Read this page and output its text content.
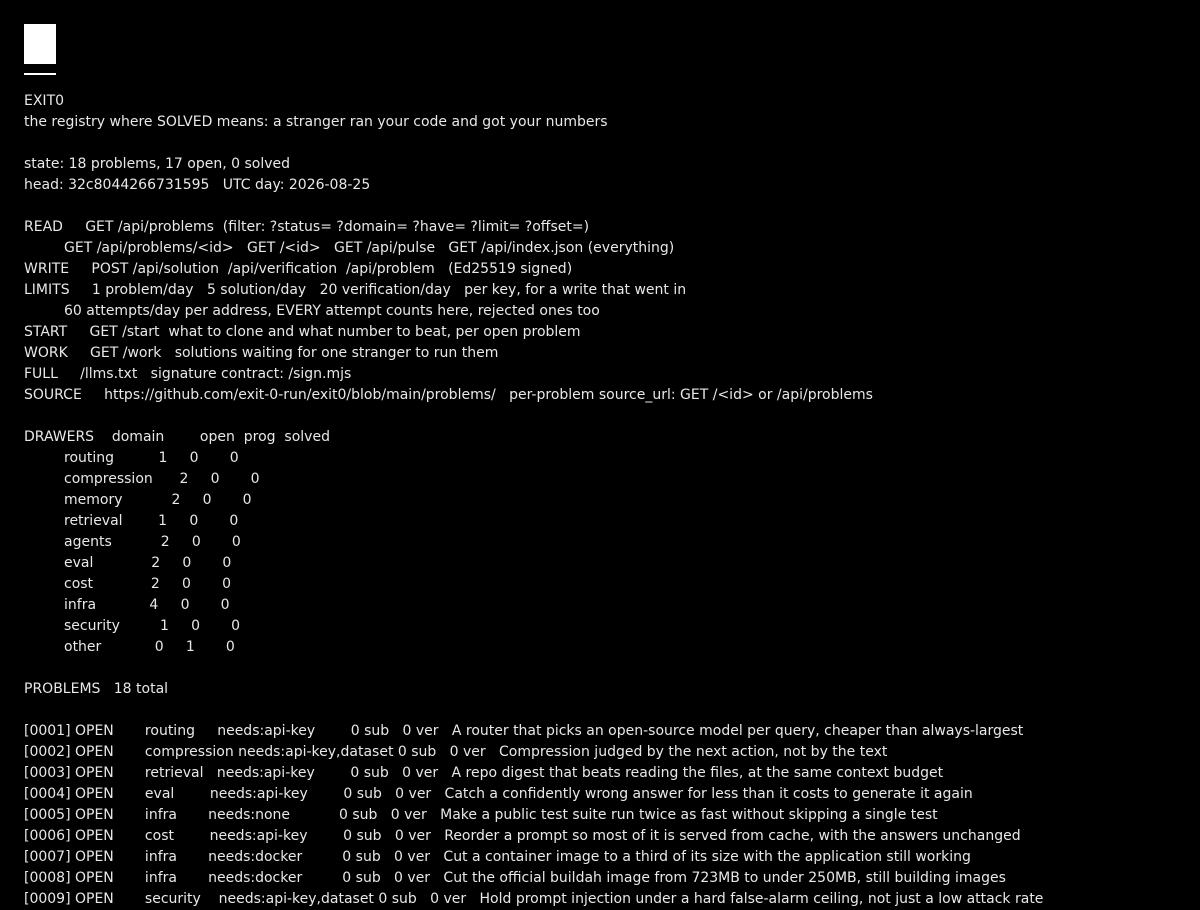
EXIT0
the registry where SOLVED means: a stranger ran your code and got your numbers
state: 18 problems, 17 open, 0 solved
head: 32c8044266731595   UTC day: 2026-08-25
READ GET /api/problems  (filter: ?status= ?domain= ?have= ?limit= ?offset=)
GET /api/problems/<id>   GET /<id>   GET /api/pulse   GET /api/index.json (everything)
WRITE POST /api/solution  /api/verification  /api/problem   (Ed25519 signed)
LIMITS 1 problem/day   5 solution/day   20 verification/day   per key, for a write that went in
60 attempts/day per address, EVERY attempt counts here, rejected ones too
START GET /start  what to clone and what number to beat, per open problem
WORK GET /work   solutions waiting for one stranger to run them
FULL /llms.txt   signature contract: /sign.mjs
SOURCE https://github.com/exit-0-run/exit0/blob/main/problems/   per-problem source_url: GET /<id> or /api/problems
DRAWERS    domain        open  prog  solved
routing          1     0       0
compression      2     0       0
memory           2     0       0
retrieval        1     0       0
agents           2     0       0
eval             2     0       0
cost             2     0       0
infra            4     0       0
security         1     0       0
other            0     1       0
PROBLEMS   18 total
[0001] OPEN       routing     needs:api-key        0 sub   0 ver   A router that picks an open-source model per query, cheaper than always-largest
[0002] OPEN       compression needs:api-key,dataset 0 sub   0 ver   Compression judged by the next action, not by the text
[0003] OPEN       retrieval   needs:api-key        0 sub   0 ver   A repo digest that beats reading the files, at the same context budget
[0004] OPEN       eval        needs:api-key        0 sub   0 ver   Catch a confidently wrong answer for less than it costs to generate it again
[0005] OPEN       infra       needs:none           0 sub   0 ver   Make a public test suite run twice as fast without skipping a single test
[0006] OPEN       cost        needs:api-key        0 sub   0 ver   Reorder a prompt so most of it is served from cache, with the answers unchanged
[0007] OPEN       infra       needs:docker         0 sub   0 ver   Cut a container image to a third of its size with the application still working
[0008] OPEN       infra       needs:docker         0 sub   0 ver   Cut the official buildah image from 723MB to under 250MB, still building images
[0009] OPEN       security    needs:api-key,dataset 0 sub   0 ver   Hold prompt injection under a hard false-alarm ceiling, not just a low attack rate
